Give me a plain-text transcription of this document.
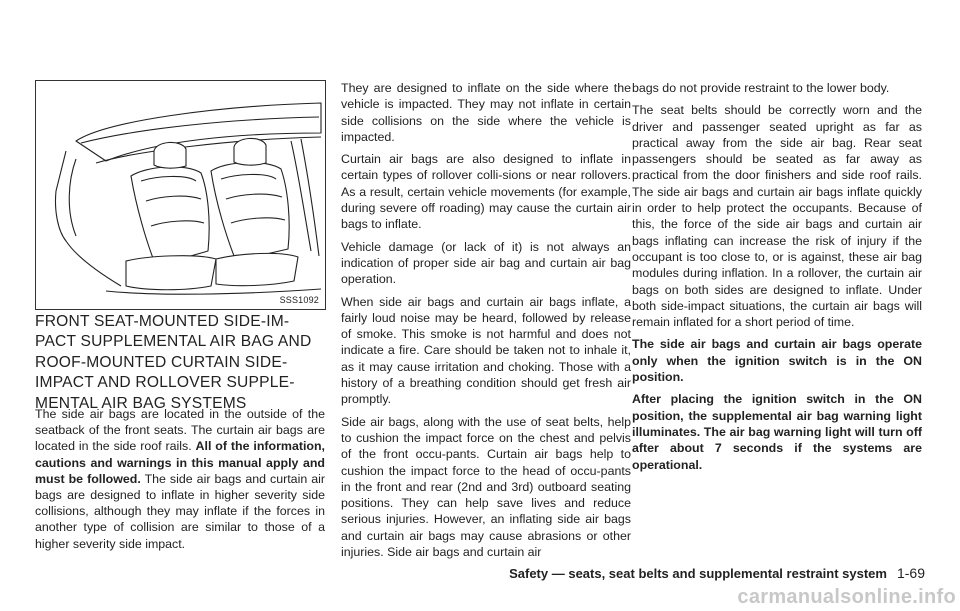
SSS1092
FRONT SEAT-MOUNTED SIDE-IM-
PACT SUPPLEMENTAL AIR BAG AND
ROOF-MOUNTED CURTAIN SIDE-
IMPACT AND ROLLOVER SUPPLE-
MENTAL AIR BAG SYSTEMS

The side air bags are located in the outside of the seatback of the front seats. The curtain air bags are located in the side roof rails. All of the information, cautions and warnings in this manual apply and must be followed. The side air bags and curtain air bags are designed to inflate in higher severity side collisions, although they may inflate if the forces in another type of collision are similar to those of a higher severity side impact.

They are designed to inflate on the side where the vehicle is impacted. They may not inflate in certain side collisions on the side where the vehicle is impacted.

Curtain air bags are also designed to inflate in certain types of rollover colli-sions or near rollovers. As a result, certain vehicle movements (for example, during severe off roading) may cause the curtain air bags to inflate.

Vehicle damage (or lack of it) is not always an indication of proper side air bag and curtain air bag operation.

When side air bags and curtain air bags inflate, a fairly loud noise may be heard, followed by release of smoke. This smoke is not harmful and does not indicate a fire. Care should be taken not to inhale it, as it may cause irritation and choking. Those with a history of a breathing condition should get fresh air promptly.

Side air bags, along with the use of seat belts, help to cushion the impact force on the chest and pelvis of the front occu-pants. Curtain air bags help to cushion the impact force to the head of occu-pants in the front and rear (2nd and 3rd) outboard seating positions. They can help save lives and reduce serious injuries. However, an inflating side air bags and curtain air bags may cause abrasions or other injuries. Side air bags and curtain air

bags do not provide restraint to the lower body.

The seat belts should be correctly worn and the driver and passenger seated upright as far as practical away from the side air bag. Rear seat passengers should be seated as far away as practical from the door finishers and side roof rails. The side air bags and curtain air bags inflate quickly in order to help protect the occupants. Because of this, the force of the side air bags and curtain air bags inflating can increase the risk of injury if the occupant is too close to, or is against, these air bag modules during inflation. In a rollover, the curtain air bags on both sides are designed to inflate. Under both side-impact situations, the curtain air bags will remain inflated for a short period of time.

The side air bags and curtain air bags operate only when the ignition switch is in the ON position.

After placing the ignition switch in the ON position, the supplemental air bag warning light illuminates. The air bag warning light will turn off after about 7 seconds if the systems are operational.

Safety — seats, seat belts and supplemental restraint system 1-69
carmanualsonline.info
